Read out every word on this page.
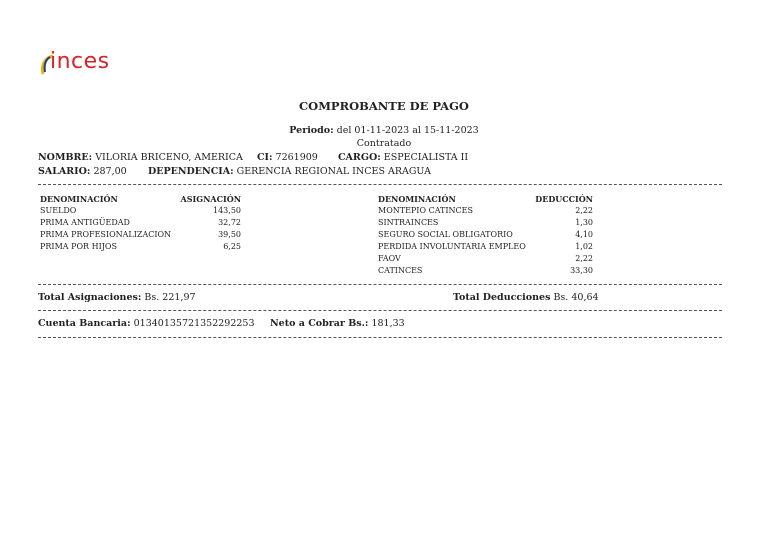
inces
COMPROBANTE DE PAGO
Periodo: del 01-11-2023 al 15-11-2023
Contratado
NOMBRE: VILORIA BRICENO, AMERICA CI: 7261909 CARGO: ESPECIALISTA II
SALARIO: 287,00 DEPENDENCIA: GERENCIA REGIONAL INCES ARAGUA
DENOMINACIÓN	ASIGNACIÓN
SUELDO	143,50
PRIMA ANTIGÜEDAD	32,72
PRIMA PROFESIONALIZACION	39,50
PRIMA POR HIJOS	6,25
DENOMINACIÓN	DEDUCCIÓN
MONTEPIO CATINCES	2,22
SINTRAINCES	1,30
SEGURO SOCIAL OBLIGATORIO	4,10
PERDIDA INVOLUNTARIA EMPLEO	1,02
FAOV	2,22
CATINCES	33,30
Total Asignaciones: Bs. 221,97	Total Deducciones Bs. 40,64
Cuenta Bancaria: 01340135721352292253 Neto a Cobrar Bs.: 181,33
